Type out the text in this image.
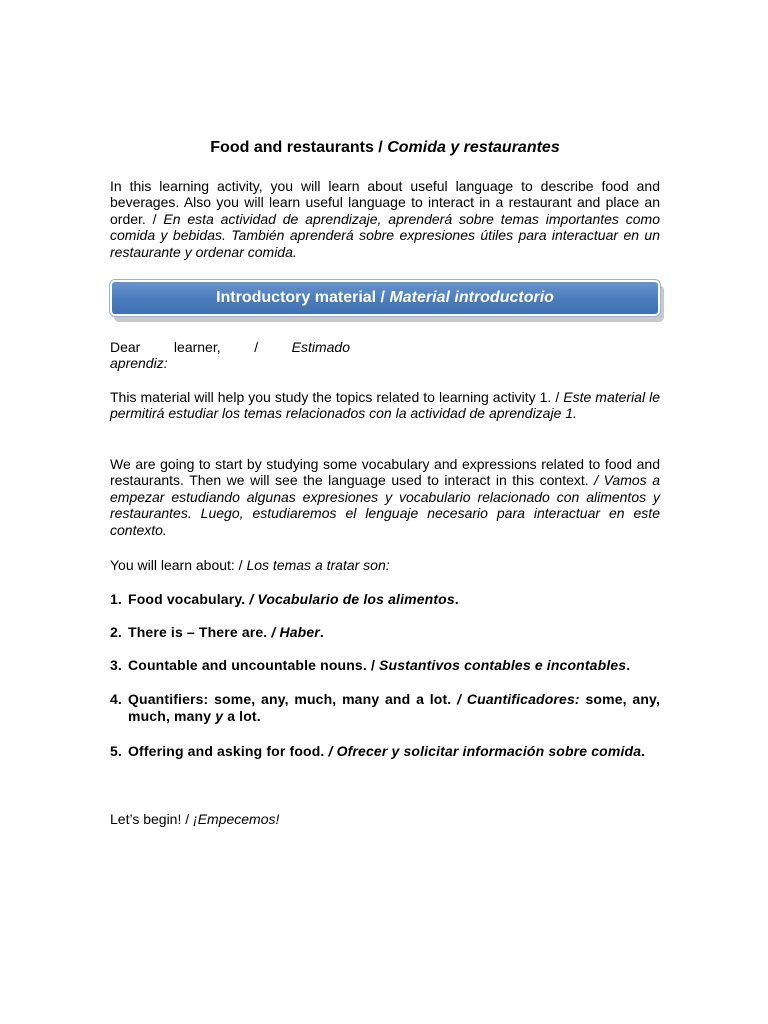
Food and restaurants / Comida y restaurantes

In this learning activity, you will learn about useful language to describe food and beverages. Also you will learn useful language to interact in a restaurant and place an order. / En esta actividad de aprendizaje, aprenderá sobre temas importantes como comida y bebidas. También aprenderá sobre expresiones útiles para interactuar en un restaurante y ordenar comida.

Introductory material / Material introductorio
Dear learner, / Estimado
aprendiz:

This material will help you study the topics related to learning activity 1. / Este material le permitirá estudiar los temas relacionados con la actividad de aprendizaje 1.

We are going to start by studying some vocabulary and expressions related to food and restaurants. Then we will see the language used to interact in this context. / Vamos a empezar estudiando algunas expresiones y vocabulario relacionado con alimentos y restaurantes. Luego, estudiaremos el lenguaje necesario para interactuar en este contexto.

You will learn about: / Los temas a tratar son:

1. Food vocabulary. / Vocabulario de los alimentos.
2. There is – There are. / Haber.
3. Countable and uncountable nouns. / Sustantivos contables e incontables.
4. Quantifiers: some, any, much, many and a lot. / Cuantificadores: some, any, much, many y a lot.
5. Offering and asking for food. / Ofrecer y solicitar información sobre comida.

Let’s begin! / ¡Empecemos!
